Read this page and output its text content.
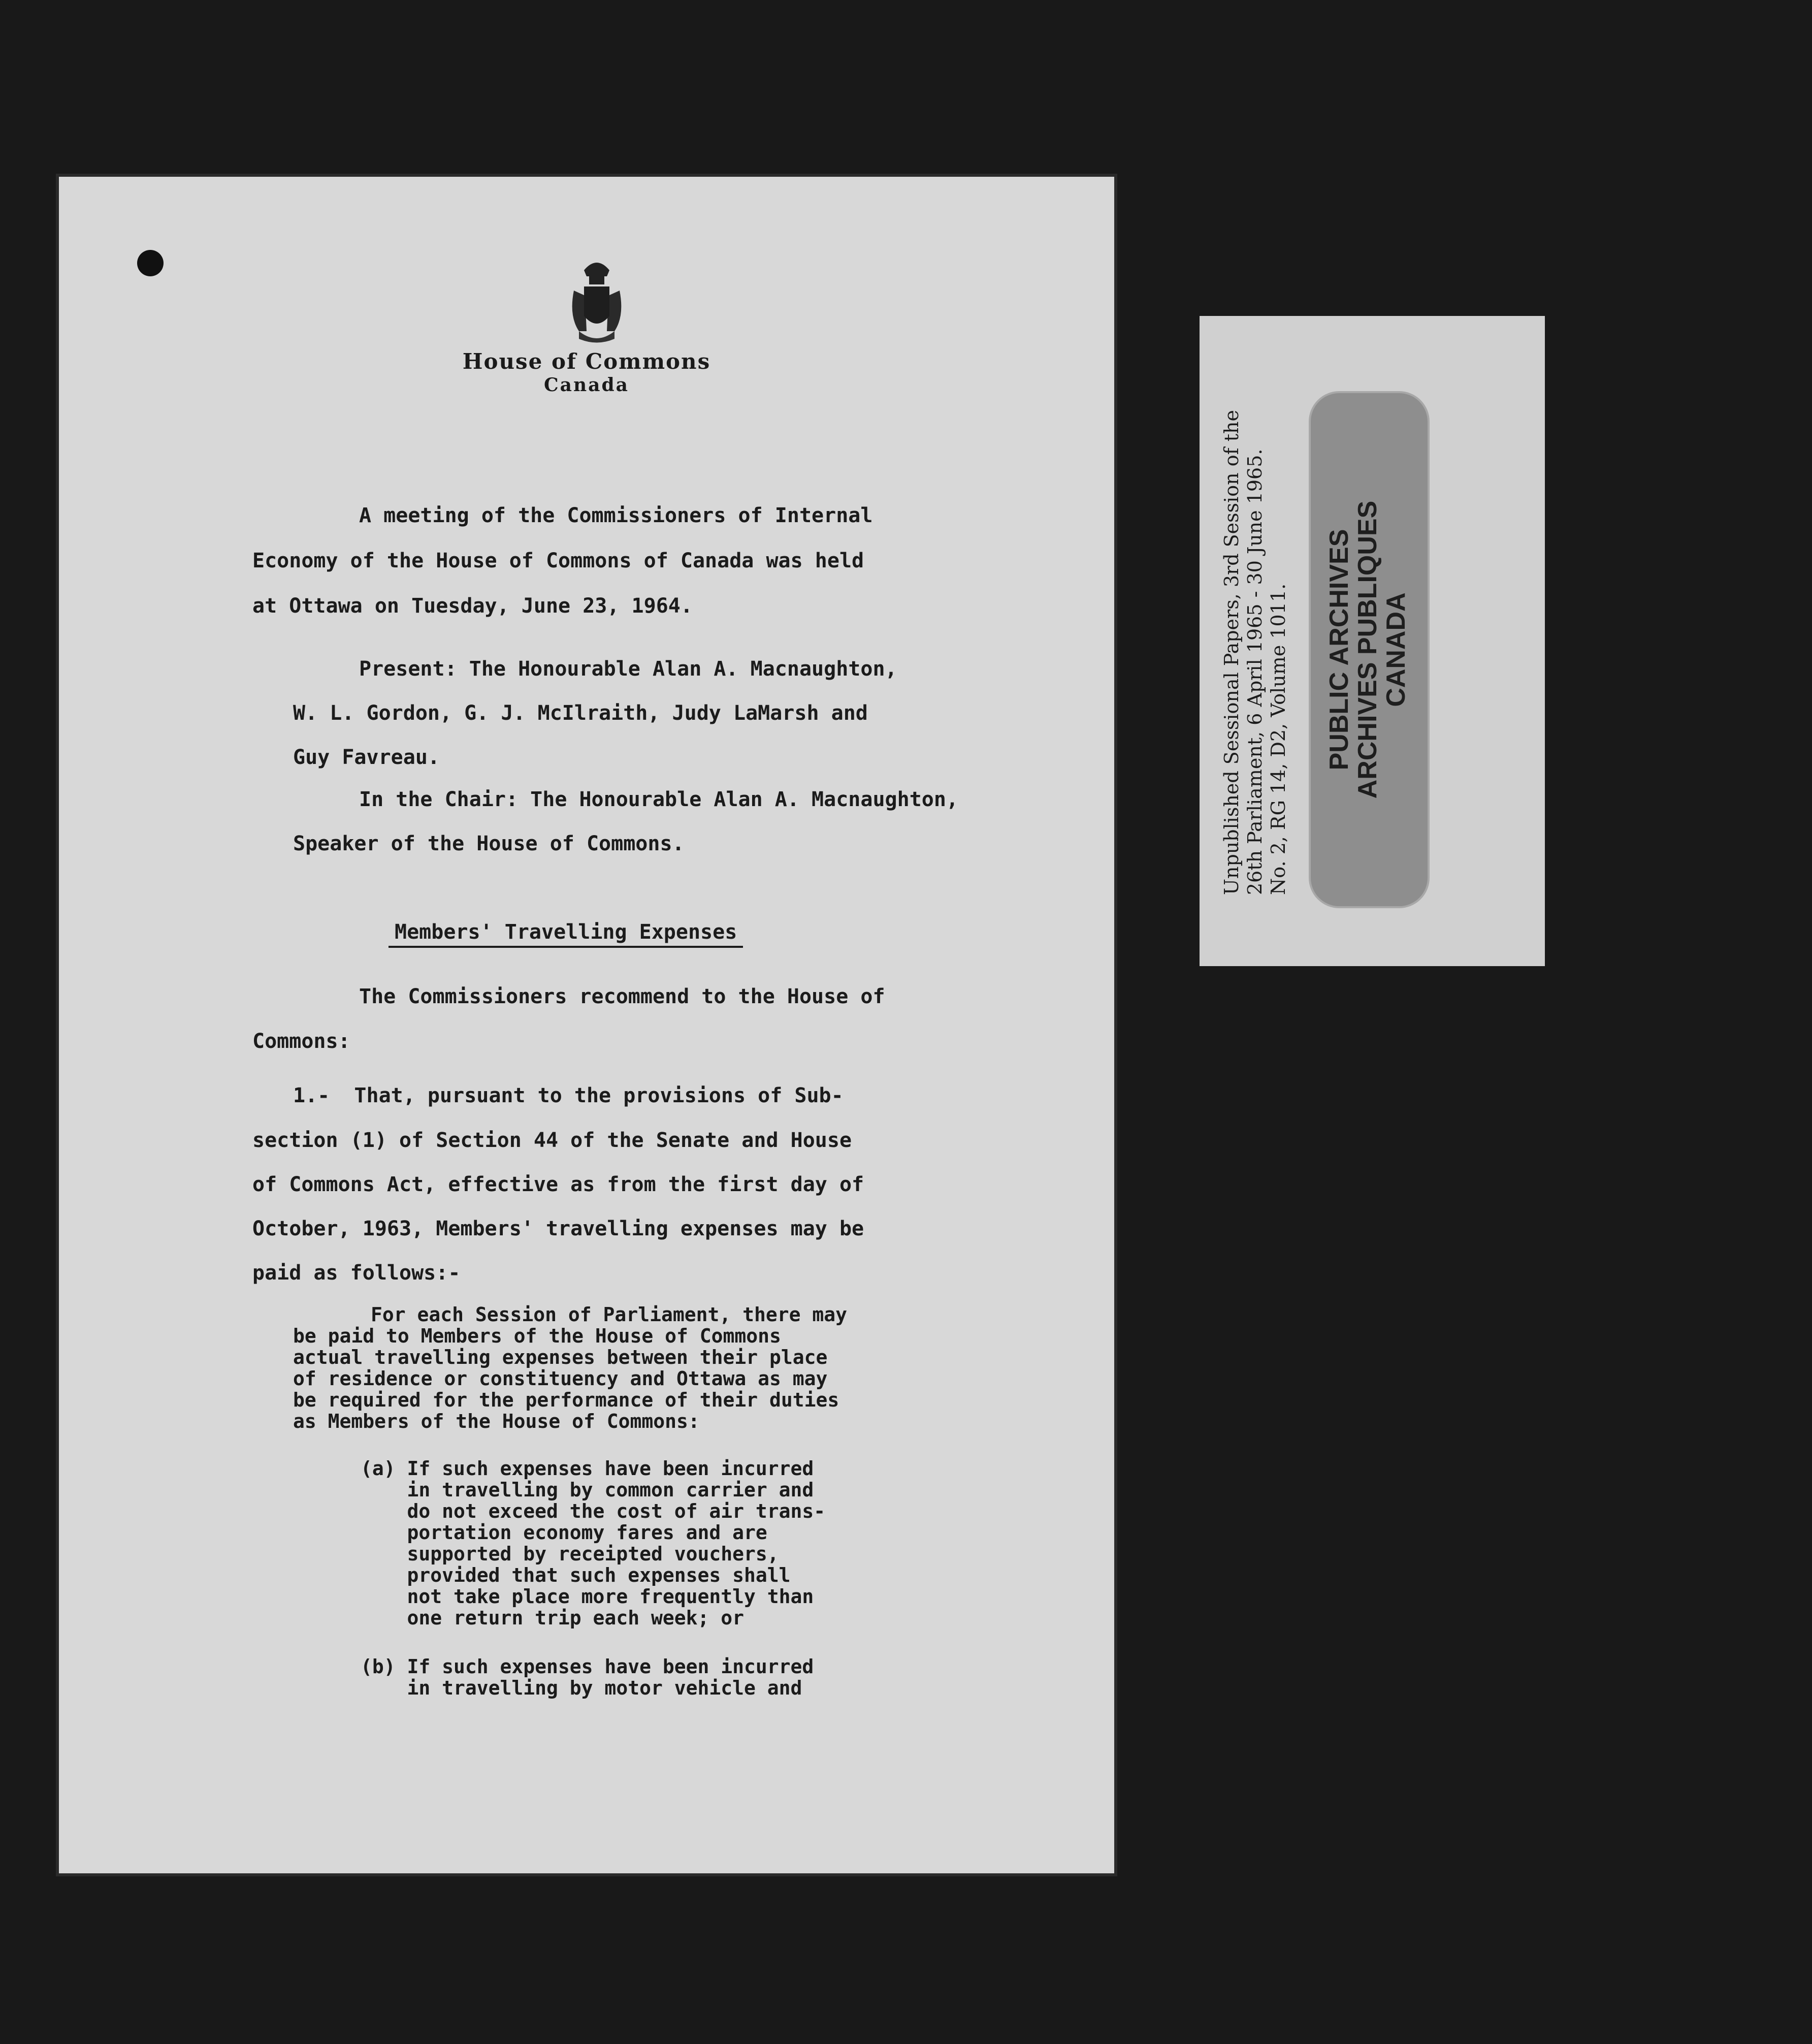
House of Commons
Canada
A meeting of the Commissioners of Internal
Economy of the House of Commons of Canada was held
at Ottawa on Tuesday, June 23, 1964.
Present: The Honourable Alan A. Macnaughton,
W. L. Gordon, G. J. McIlraith, Judy LaMarsh and
Guy Favreau.
In the Chair: The Honourable Alan A. Macnaughton,
Speaker of the House of Commons.
Members' Travelling Expenses
The Commissioners recommend to the House of
Commons:
1.-  That, pursuant to the provisions of Sub-
section (1) of Section 44 of the Senate and House
of Commons Act, effective as from the first day of
October, 1963, Members' travelling expenses may be
paid as follows:-
For each Session of Parliament, there may
be paid to Members of the House of Commons
actual travelling expenses between their place
of residence or constituency and Ottawa as may
be required for the performance of their duties
as Members of the House of Commons:
(a) If such expenses have been incurred
in travelling by common carrier and
do not exceed the cost of air trans-
portation economy fares and are
supported by receipted vouchers,
provided that such expenses shall
not take place more frequently than
one return trip each week; or
(b) If such expenses have been incurred
in travelling by motor vehicle and
Unpublished Sessional Papers, 3rd Session of the 26th Parliament, 6 April 1965 - 30 June 1965. No. 2, RG 14, D2, Volume 1011. PUBLIC ARCHIVES
ARCHIVES PUBLIQUES
CANADA
